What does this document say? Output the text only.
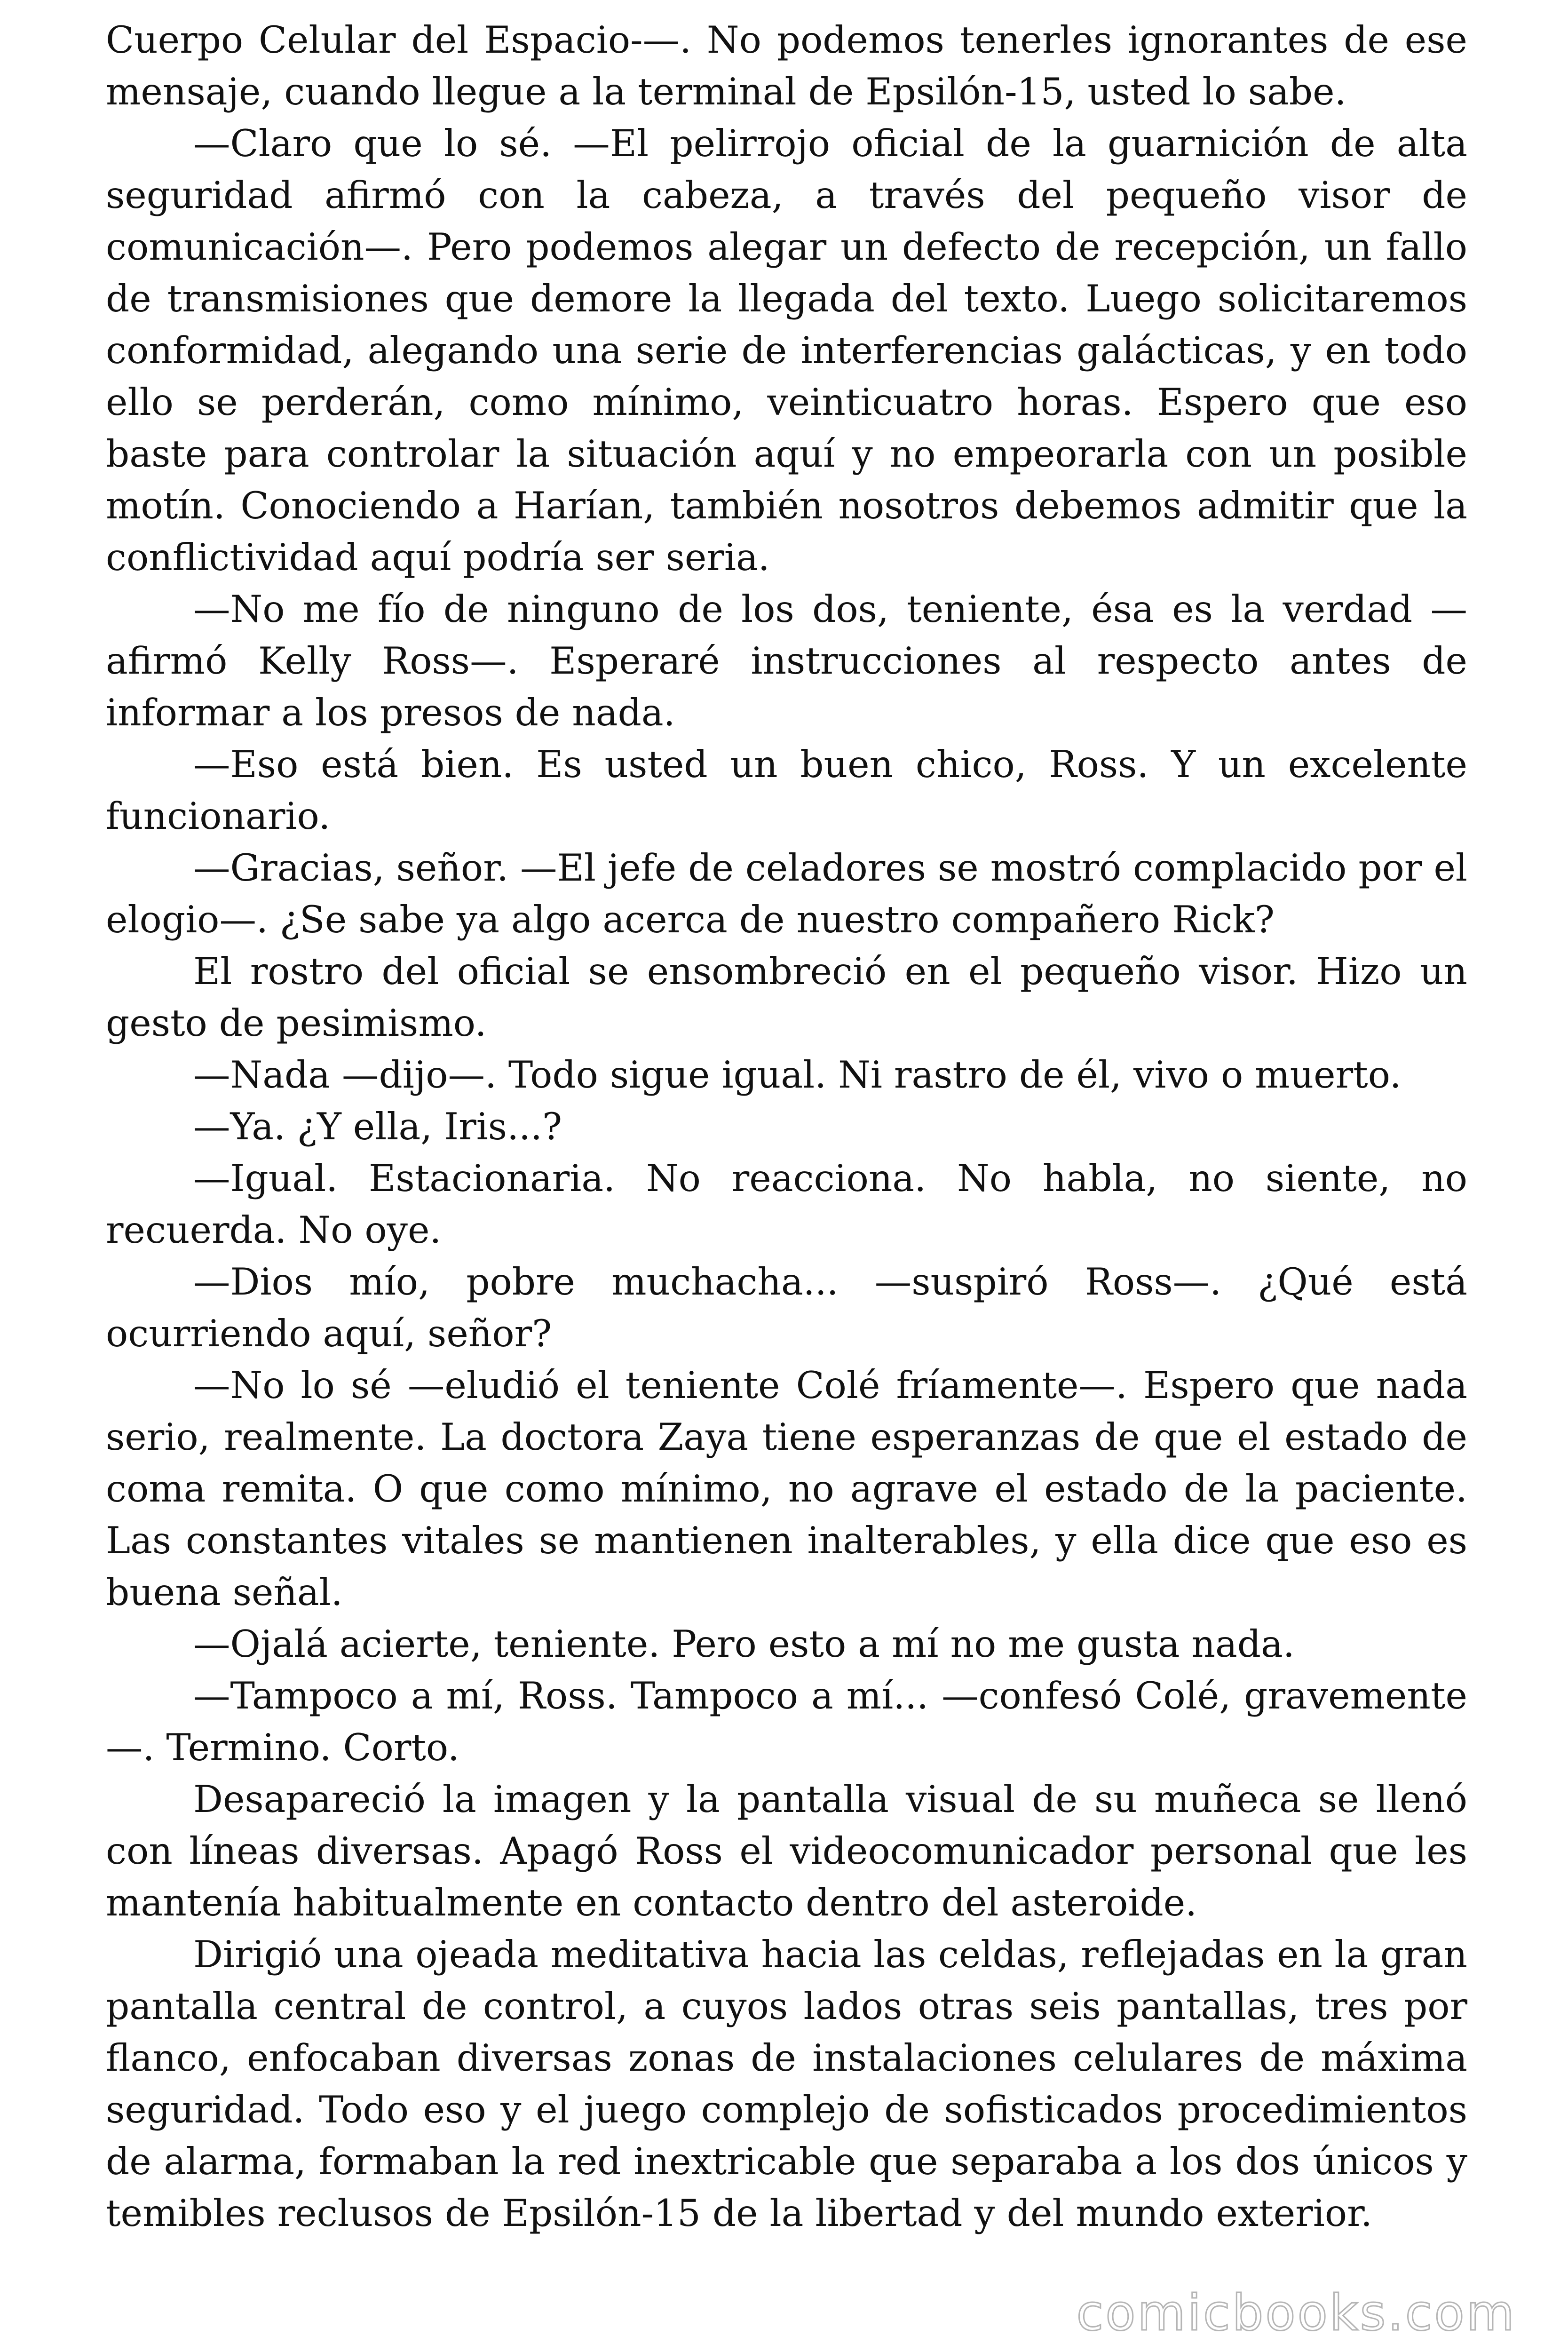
Cuerpo Celular del Espacio-—. No podemos tenerles ignorantes de ese mensaje, cuando llegue a la terminal de Epsilón-15, usted lo sabe.

—Claro que lo sé. —El pelirrojo oficial de la guarnición de alta seguridad afirmó con la cabeza, a través del pequeño visor de comunicación—. Pero podemos alegar un defecto de recepción, un fallo de transmisiones que demore la llegada del texto. Luego solicitaremos conformidad, alegando una serie de interferencias galácticas, y en todo ello se perderán, como mínimo, veinticuatro horas. Espero que eso baste para controlar la situación aquí y no empeorarla con un posible motín. Conociendo a Harían, también nosotros debemos admitir que la conflictividad aquí podría ser seria.

—No me fío de ninguno de los dos, teniente, ésa es la verdad —afirmó Kelly Ross—. Esperaré instrucciones al respecto antes de informar a los presos de nada.

—Eso está bien. Es usted un buen chico, Ross. Y un excelente funcionario.

—Gracias, señor. —El jefe de celadores se mostró complacido por el elogio—. ¿Se sabe ya algo acerca de nuestro compañero Rick?

El rostro del oficial se ensombreció en el pequeño visor. Hizo un gesto de pesimismo.

—Nada —dijo—. Todo sigue igual. Ni rastro de él, vivo o muerto.

—Ya. ¿Y ella, Iris...?

—Igual. Estacionaria. No reacciona. No habla, no siente, no recuerda. No oye.

—Dios mío, pobre muchacha... —suspiró Ross—. ¿Qué está ocurriendo aquí, señor?

—No lo sé —eludió el teniente Colé fríamente—. Espero que nada serio, realmente. La doctora Zaya tiene esperanzas de que el estado de coma remita. O que como mínimo, no agrave el estado de la paciente. Las constantes vitales se mantienen inalterables, y ella dice que eso es buena señal.

—Ojalá acierte, teniente. Pero esto a mí no me gusta nada.

—Tampoco a mí, Ross. Tampoco a mí... —confesó Colé, gravemente—. Termino. Corto.

Desapareció la imagen y la pantalla visual de su muñeca se llenó con líneas diversas. Apagó Ross el videocomunicador personal que les mantenía habitualmente en contacto dentro del asteroide.

Dirigió una ojeada meditativa hacia las celdas, reflejadas en la gran pantalla central de control, a cuyos lados otras seis pantallas, tres por flanco, enfocaban diversas zonas de instalaciones celulares de máxima seguridad. Todo eso y el juego complejo de sofisticados procedimientos de alarma, formaban la red inextricable que separaba a los dos únicos y temibles reclusos de Epsilón-15 de la libertad y del mundo exterior.

comicbooks.com
